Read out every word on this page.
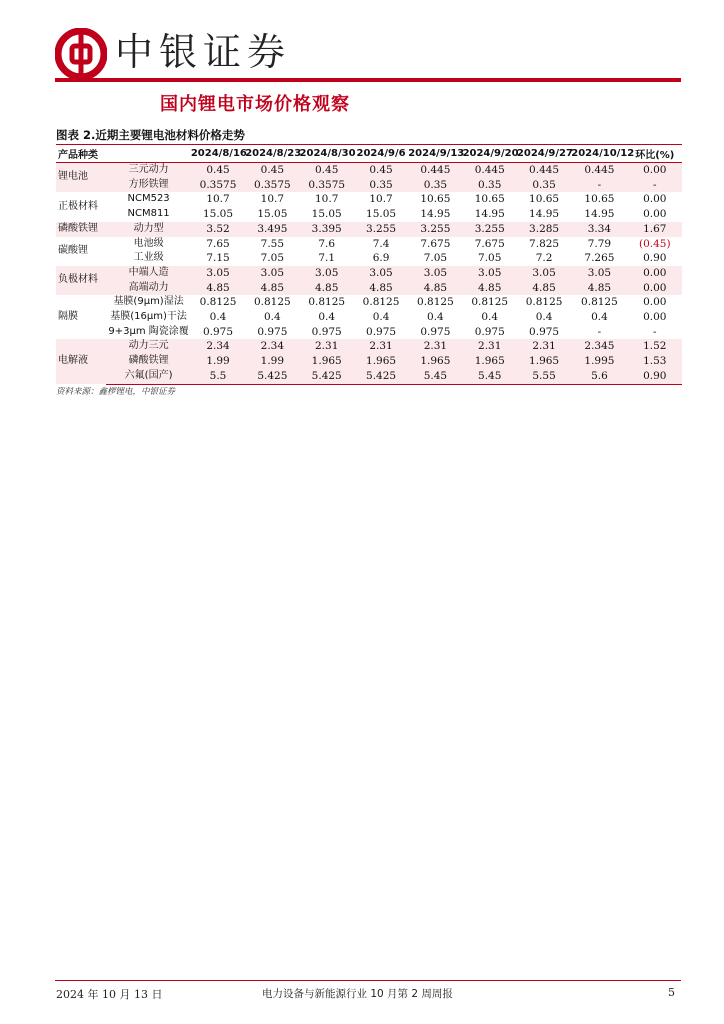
中银证券
国内锂电市场价格观察
图表 2.近期主要锂电池材料价格走势
产品种类		2024/8/16	2024/8/23	2024/8/30	2024/9/6	2024/9/13	2024/9/20	2024/9/27	2024/10/12	环比(%)
锂电池	三元动力	0.45	0.45	0.45	0.45	0.445	0.445	0.445	0.445	0.00
	方形铁锂	0.3575	0.3575	0.3575	0.35	0.35	0.35	0.35	-	-
正极材料	NCM523	10.7	10.7	10.7	10.7	10.65	10.65	10.65	10.65	0.00
	NCM811	15.05	15.05	15.05	15.05	14.95	14.95	14.95	14.95	0.00
磷酸铁锂	动力型	3.52	3.495	3.395	3.255	3.255	3.255	3.285	3.34	1.67
碳酸锂	电池级	7.65	7.55	7.6	7.4	7.675	7.675	7.825	7.79	(0.45)
	工业级	7.15	7.05	7.1	6.9	7.05	7.05	7.2	7.265	0.90
负极材料	中端人造	3.05	3.05	3.05	3.05	3.05	3.05	3.05	3.05	0.00
	高端动力	4.85	4.85	4.85	4.85	4.85	4.85	4.85	4.85	0.00
隔膜	基膜(9μm)湿法	0.8125	0.8125	0.8125	0.8125	0.8125	0.8125	0.8125	0.8125	0.00
	基膜(16μm)干法	0.4	0.4	0.4	0.4	0.4	0.4	0.4	0.4	0.00
	9+3μm 陶瓷涂覆	0.975	0.975	0.975	0.975	0.975	0.975	0.975	-	-
电解液	动力三元	2.34	2.34	2.31	2.31	2.31	2.31	2.31	2.345	1.52
	磷酸铁锂	1.99	1.99	1.965	1.965	1.965	1.965	1.965	1.995	1.53
	六氟(国产)	5.5	5.425	5.425	5.425	5.45	5.45	5.55	5.6	0.90
资料来源：鑫椤锂电，中银证券
2024 年 10 月 13 日	电力设备与新能源行业 10 月第 2 周周报	5
